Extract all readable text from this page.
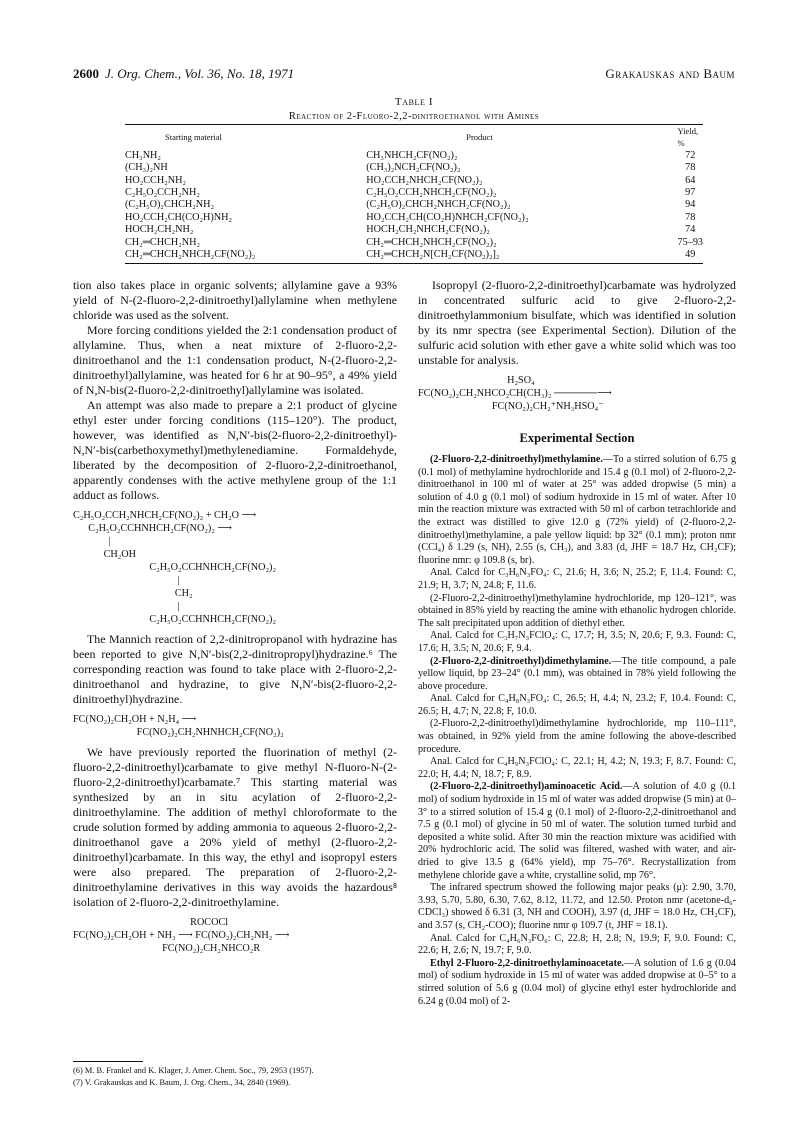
2600 J. Org. Chem., Vol. 36, No. 18, 1971	Grakauskas and Baum
Table I
Reaction of 2-Fluoro-2,2-dinitroethanol with Amines
Starting material	Product	Yield, %
CH₃NH₂	CH₃NHCH₂CF(NO₂)₂	72
(CH₃)₂NH	(CH₃)₂NCH₂CF(NO₂)₂	78
HO₂CCH₂NH₂	HO₂CCH₂NHCH₂CF(NO₂)₂	64
C₂H₅O₂CCH₂NH₂	C₂H₅O₂CCH₂NHCH₂CF(NO₂)₂	97
(C₂H₅O)₂CHCH₂NH₂	(C₂H₅O)₂CHCH₂NHCH₂CF(NO₂)₂	94
HO₂CCH₂CH(CO₂H)NH₂	HO₂CCH₂CH(CO₂H)NHCH₂CF(NO₂)₂	78
HOCH₂CH₂NH₂	HOCH₂CH₂NHCH₂CF(NO₂)₂	74
CH₂═CHCH₂NH₂	CH₂═CHCH₂NHCH₂CF(NO₂)₂	75–93
CH₂═CHCH₂NHCH₂CF(NO₂)₂	CH₂═CHCH₂N[CH₂CF(NO₂)₂]₂	49

tion also takes place in organic solvents; allylamine gave a 93% yield of N-(2-fluoro-2,2-dinitroethyl)allylamine when methylene chloride was used as the solvent.

More forcing conditions yielded the 2:1 condensation product of allylamine. Thus, when a neat mixture of 2-fluoro-2,2-dinitroethanol and the 1:1 condensation product, N-(2-fluoro-2,2-dinitroethyl)allylamine, was heated for 6 hr at 90–95°, a 49% yield of N,N-bis(2-fluoro-2,2-dinitroethyl)allylamine was isolated.

An attempt was also made to prepare a 2:1 product of glycine ethyl ester under forcing conditions (115–120°). The product, however, was identified as N,N′-bis(2-fluoro-2,2-dinitroethyl)-N,N′-bis(carbethoxymethyl)methylenediamine. Formaldehyde, liberated by the decomposition of 2-fluoro-2,2-dinitroethanol, apparently condenses with the active methylene group of the 1:1 adduct as follows.

C₂H₅O₂CCH₂NHCH₂CF(NO₂)₂ + CH₂O ⟶
C₂H₅O₂CCHNHCH₂CF(NO₂)₂ ⟶
|
CH₂OH
C₂H₅O₂CCHNHCH₂CF(NO₂)₂
|
CH₂
|
C₂H₅O₂CCHNHCH₂CF(NO₂)₂

The Mannich reaction of 2,2-dinitropropanol with hydrazine has been reported to give N,N′-bis(2,2-dinitropropyl)hydrazine.⁶ The corresponding reaction was found to take place with 2-fluoro-2,2-dinitroethanol and hydrazine, to give N,N′-bis(2-fluoro-2,2-dinitroethyl)hydrazine.

FC(NO₂)₂CH₂OH + N₂H₄ ⟶
FC(NO₂)₂CH₂NHNHCH₂CF(NO₂)₂

We have previously reported the fluorination of methyl (2-fluoro-2,2-dinitroethyl)carbamate to give methyl N-fluoro-N-(2-fluoro-2,2-dinitroethyl)carbamate.⁷ This starting material was synthesized by an in situ acylation of 2-fluoro-2,2-dinitroethylamine. The addition of methyl chloroformate to the crude solution formed by adding ammonia to aqueous 2-fluoro-2,2-dinitroethanol gave a 20% yield of methyl (2-fluoro-2,2-dinitroethyl)carbamate. In this way, the ethyl and isopropyl esters were also prepared. The preparation of 2-fluoro-2,2-dinitroethylamine derivatives in this way avoids the hazardous⁸ isolation of 2-fluoro-2,2-dinitroethylamine.

ROCOCl
FC(NO₂)₂CH₂OH + NH₃ ⟶ FC(NO₂)₂CH₂NH₂ ⟶
FC(NO₂)₂CH₂NHCO₂R
(6) M. B. Frankel and K. Klager, J. Amer. Chem. Soc., 79, 2953 (1957).
(7) V. Grakauskas and K. Baum, J. Org. Chem., 34, 2840 (1969).

Isopropyl (2-fluoro-2,2-dinitroethyl)carbamate was hydrolyzed in concentrated sulfuric acid to give 2-fluoro-2,2-dinitroethylammonium bisulfate, which was identified in solution by its nmr spectra (see Experimental Section). Dilution of the sulfuric acid solution with ether gave a white solid which was too unstable for analysis.

H₂SO₄
FC(NO₂)₂CH₂NHCO₂CH(CH₃)₂ ──────⟶
FC(NO₂)₂CH₂⁺NH₃HSO₄⁻
Experimental Section

(2-Fluoro-2,2-dinitroethyl)methylamine.—To a stirred solution of 6.75 g (0.1 mol) of methylamine hydrochloride and 15.4 g (0.1 mol) of 2-fluoro-2,2-dinitroethanol in 100 ml of water at 25° was added dropwise (5 min) a solution of 4.0 g (0.1 mol) of sodium hydroxide in 15 ml of water. After 10 min the reaction mixture was extracted with 50 ml of carbon tetrachloride and the extract was distilled to give 12.0 g (72% yield) of (2-fluoro-2,2-dinitroethyl)methylamine, a pale yellow liquid: bp 32° (0.1 mm); proton nmr (CCl₄) δ 1.29 (s, NH), 2.55 (s, CH₃), and 3.83 (d, JHF = 18.7 Hz, CH₂CF); fluorine nmr: φ 109.8 (s, br).

Anal. Calcd for C₃H₆N₃FO₄: C, 21.6; H, 3.6; N, 25.2; F, 11.4. Found: C, 21.9; H, 3.7; N, 24.8; F, 11.6.

(2-Fluoro-2,2-dinitroethyl)methylamine hydrochloride, mp 120–121°, was obtained in 85% yield by reacting the amine with ethanolic hydrogen chloride. The salt precipitated upon addition of diethyl ether.

Anal. Calcd for C₃H₇N₃FClO₄: C, 17.7; H, 3.5; N, 20.6; F, 9.3. Found: C, 17.6; H, 3.5; N, 20.6; F, 9.4.

(2-Fluoro-2,2-dinitroethyl)dimethylamine.—The title compound, a pale yellow liquid, bp 23–24° (0.1 mm), was obtained in 78% yield following the above procedure.

Anal. Calcd for C₄H₈N₃FO₄: C, 26.5; H, 4.4; N, 23.2; F, 10.4. Found: C, 26.5; H, 4.7; N, 22.8; F, 10.0.

(2-Fluoro-2,2-dinitroethyl)dimethylamine hydrochloride, mp 110–111°, was obtained, in 92% yield from the amine following the above-described procedure.

Anal. Calcd for C₄H₉N₃FClO₄: C, 22.1; H, 4.2; N, 19.3; F, 8.7. Found: C, 22.0; H, 4.4; N, 18.7; F, 8.9.

(2-Fluoro-2,2-dinitroethyl)aminoacetic Acid.—A solution of 4.0 g (0.1 mol) of sodium hydroxide in 15 ml of water was added dropwise (5 min) at 0–3° to a stirred solution of 15.4 g (0.1 mol) of 2-fluoro-2,2-dinitroethanol and 7.5 g (0.1 mol) of glycine in 50 ml of water. The solution turned turbid and deposited a white solid. After 30 min the reaction mixture was acidified with 20% hydrochloric acid. The solid was filtered, washed with water, and air-dried to give 13.5 g (64% yield), mp 75–76°. Recrystallization from methylene chloride gave a white, crystalline solid, mp 76°.

The infrared spectrum showed the following major peaks (μ): 2.90, 3.70, 3.93, 5.70, 5.80, 6.30, 7.62, 8.12, 11.72, and 12.50. Proton nmr (acetone-d₆-CDCl₃) showed δ 6.31 (3, NH and COOH), 3.97 (d, JHF = 18.0 Hz, CH₂CF), and 3.57 (s, CH₂-COO); fluorine nmr φ 109.7 (t, JHF = 18.1).

Anal. Calcd for C₄H₆N₃FO₆: C, 22.8; H, 2.8; N, 19.9; F, 9.0. Found: C, 22.6; H, 2.6; N, 19.7; F, 9.0.

Ethyl 2-Fluoro-2,2-dinitroethylaminoacetate.—A solution of 1.6 g (0.04 mol) of sodium hydroxide in 15 ml of water was added dropwise at 0–5° to a stirred solution of 5.6 g (0.04 mol) of glycine ethyl ester hydrochloride and 6.24 g (0.04 mol) of 2-
